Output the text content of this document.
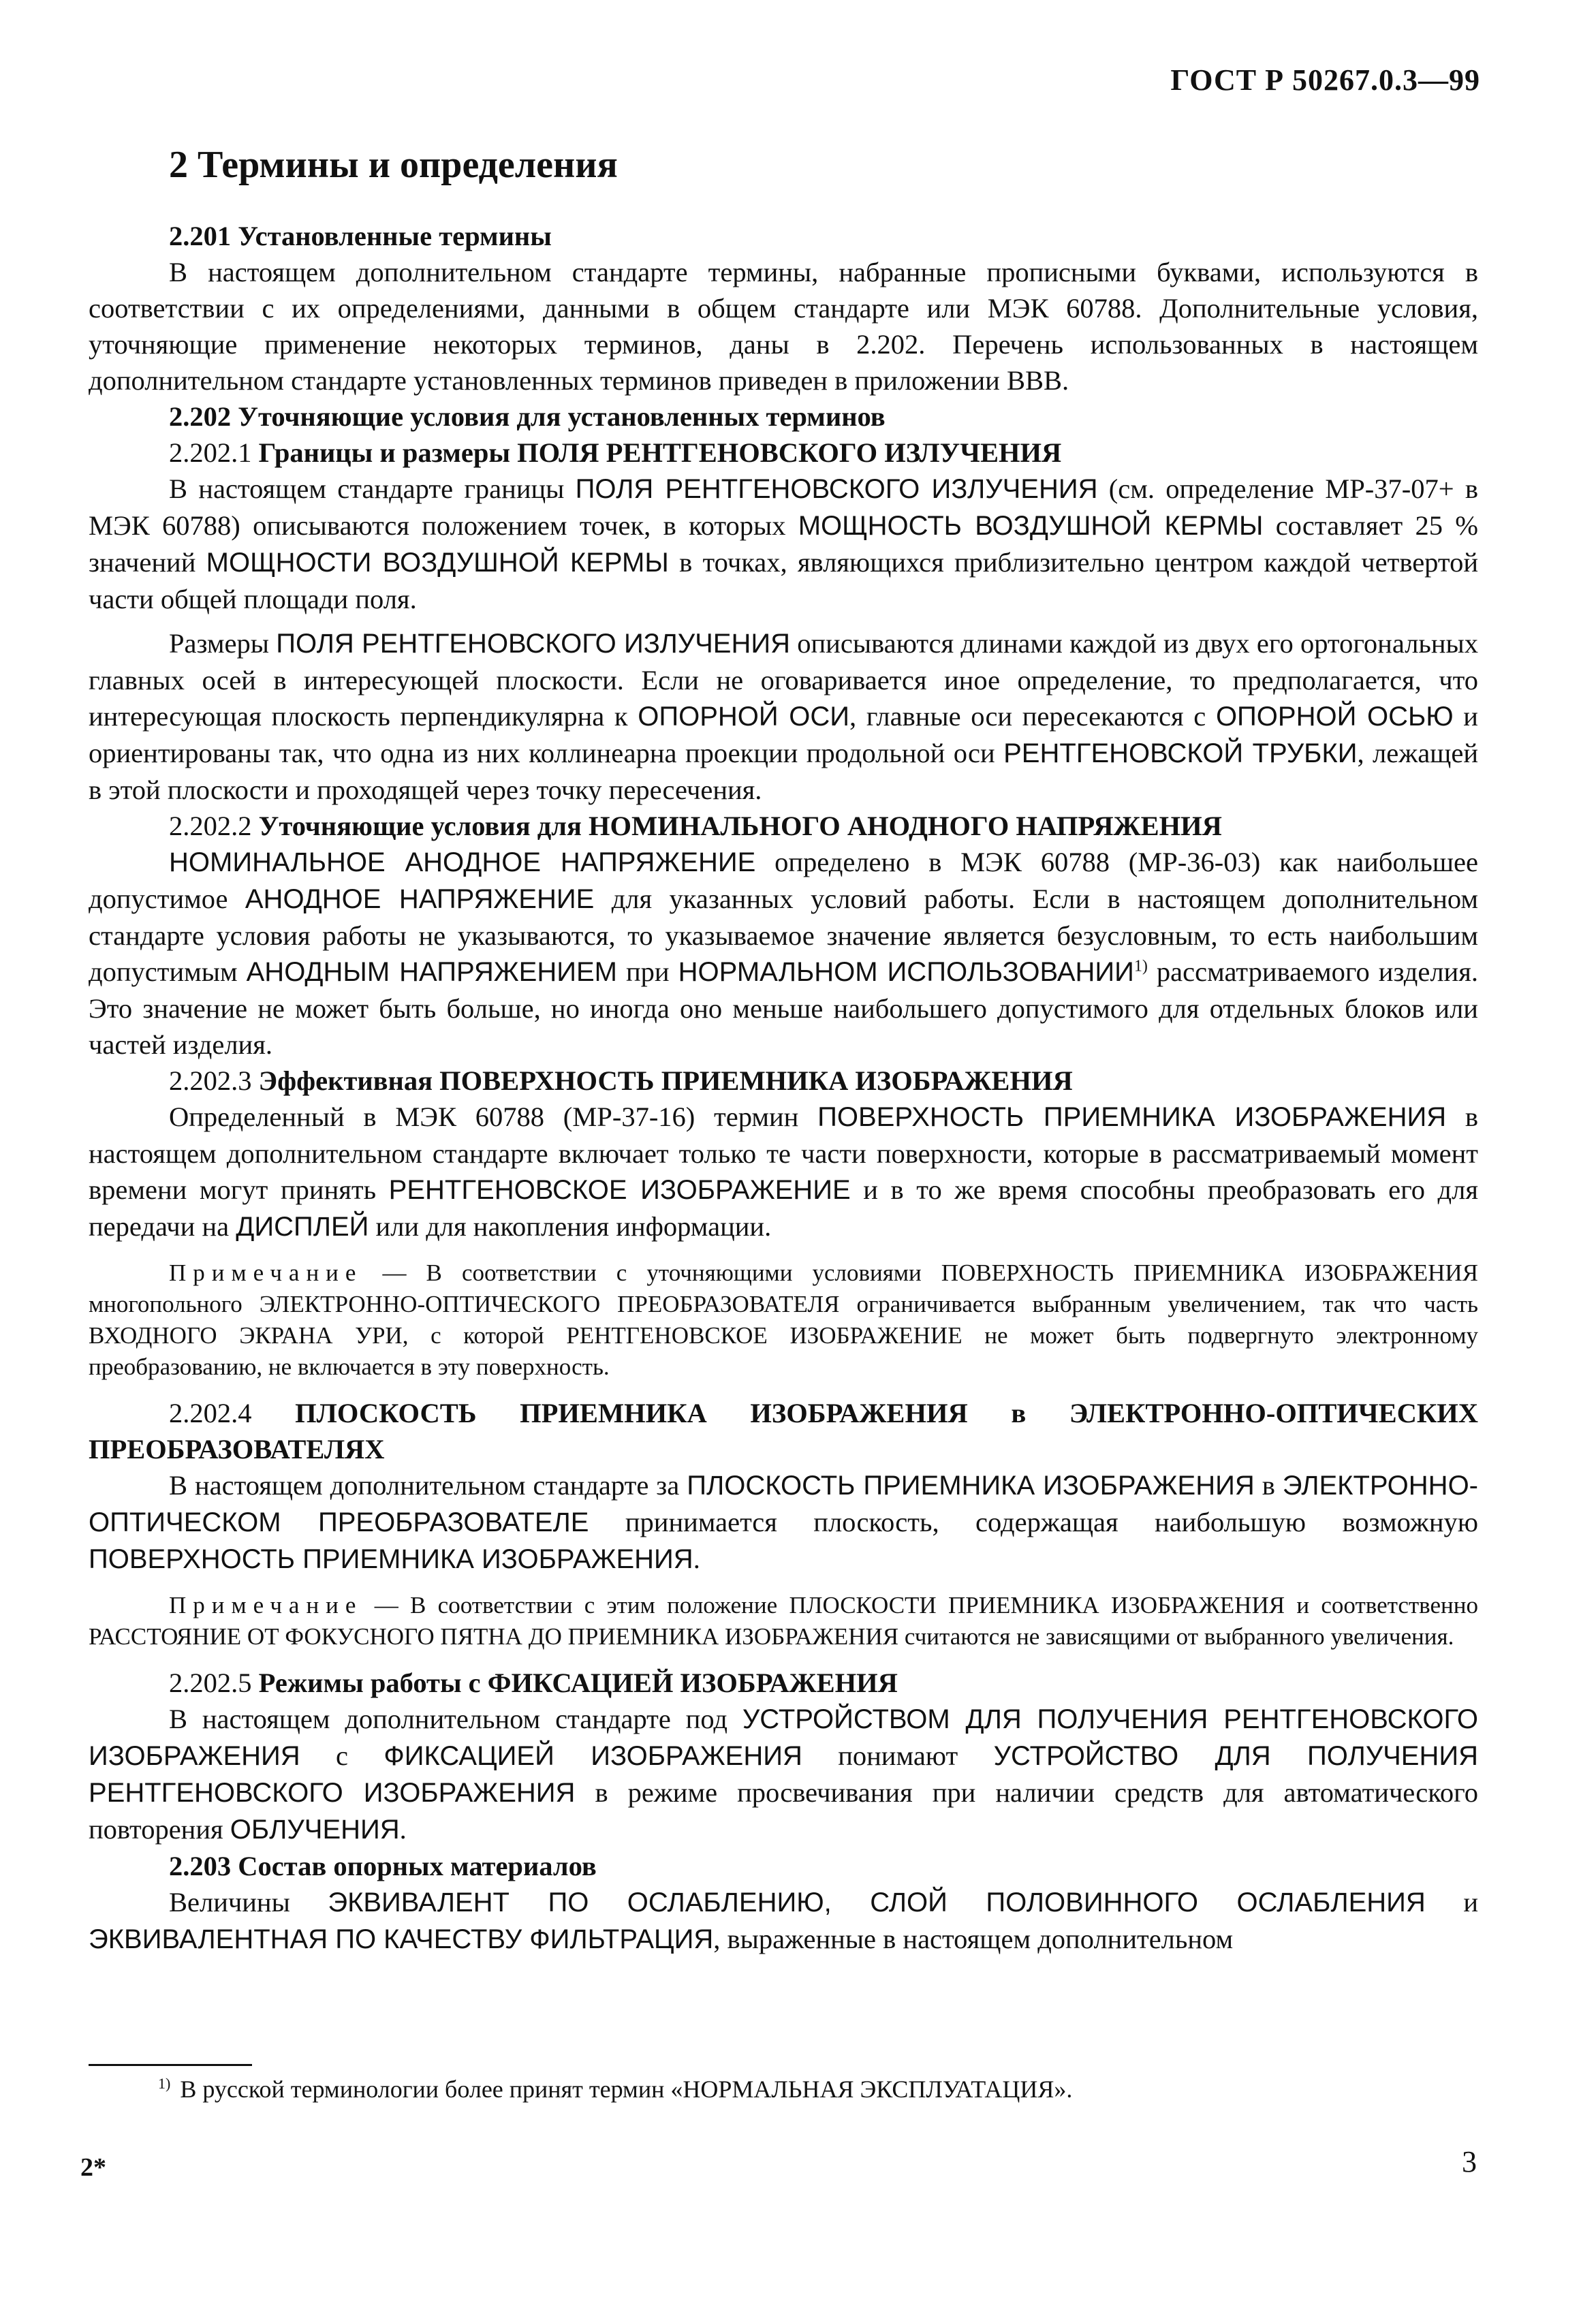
ГОСТ Р 50267.0.3—99
2 Термины и определения

2.201 Установленные термины

В настоящем дополнительном стандарте термины, набранные прописными буквами, используются в соответствии с их определениями, данными в общем стандарте или МЭК 60788. Дополнительные условия, уточняющие применение некоторых терминов, даны в 2.202. Перечень использованных в настоящем дополнительном стандарте установленных терминов приведен в приложении ВВВ.

2.202 Уточняющие условия для установленных терминов

2.202.1 Границы и размеры ПОЛЯ РЕНТГЕНОВСКОГО ИЗЛУЧЕНИЯ

В настоящем стандарте границы ПОЛЯ РЕНТГЕНОВСКОГО ИЗЛУЧЕНИЯ (см. определение МР-37-07+ в МЭК 60788) описываются положением точек, в которых МОЩНОСТЬ ВОЗДУШНОЙ КЕРМЫ составляет 25 % значений МОЩНОСТИ ВОЗДУШНОЙ КЕРМЫ в точках, являющихся приблизительно центром каждой четвертой части общей площади поля.

Размеры ПОЛЯ РЕНТГЕНОВСКОГО ИЗЛУЧЕНИЯ описываются длинами каждой из двух его ортогональных главных осей в интересующей плоскости. Если не оговаривается иное определение, то предполагается, что интересующая плоскость перпендикулярна к ОПОРНОЙ ОСИ, главные оси пересекаются с ОПОРНОЙ ОСЬЮ и ориентированы так, что одна из них коллинеарна проекции продольной оси РЕНТГЕНОВСКОЙ ТРУБКИ, лежащей в этой плоскости и проходящей через точку пересечения.

2.202.2 Уточняющие условия для НОМИНАЛЬНОГО АНОДНОГО НАПРЯЖЕНИЯ

НОМИНАЛЬНОЕ АНОДНОЕ НАПРЯЖЕНИЕ определено в МЭК 60788 (МР-36-03) как наибольшее допустимое АНОДНОЕ НАПРЯЖЕНИЕ для указанных условий работы. Если в настоящем дополнительном стандарте условия работы не указываются, то указываемое значение является безусловным, то есть наибольшим допустимым АНОДНЫМ НАПРЯЖЕНИЕМ при НОРМАЛЬНОМ ИСПОЛЬЗОВАНИИ$^{1)}$ рассматриваемого изделия. Это значение не может быть больше, но иногда оно меньше наибольшего допустимого для отдельных блоков или частей изделия.

2.202.3 Эффективная ПОВЕРХНОСТЬ ПРИЕМНИКА ИЗОБРАЖЕНИЯ

Определенный в МЭК 60788 (МР-37-16) термин ПОВЕРХНОСТЬ ПРИЕМНИКА ИЗОБРАЖЕНИЯ в настоящем дополнительном стандарте включает только те части поверхности, которые в рассматриваемый момент времени могут принять РЕНТГЕНОВСКОЕ ИЗОБРАЖЕНИЕ и в то же время способны преобразовать его для передачи на ДИСПЛЕЙ или для накопления информации.

Примечание — В соответствии с уточняющими условиями ПОВЕРХНОСТЬ ПРИЕМНИКА ИЗОБРАЖЕНИЯ многопольного ЭЛЕКТРОННО-ОПТИЧЕСКОГО ПРЕОБРАЗОВАТЕЛЯ ограничивается выбранным увеличением, так что часть ВХОДНОГО ЭКРАНА УРИ, с которой РЕНТГЕНОВСКОЕ ИЗОБРАЖЕНИЕ не может быть подвергнуто электронному преобразованию, не включается в эту поверхность.

2.202.4 ПЛОСКОСТЬ ПРИЕМНИКА ИЗОБРАЖЕНИЯ в ЭЛЕКТРОННО-ОПТИЧЕСКИХ ПРЕОБРАЗОВАТЕЛЯХ

В настоящем дополнительном стандарте за ПЛОСКОСТЬ ПРИЕМНИКА ИЗОБРАЖЕНИЯ в ЭЛЕКТРОННО-ОПТИЧЕСКОМ ПРЕОБРАЗОВАТЕЛЕ принимается плоскость, содержащая наибольшую возможную ПОВЕРХНОСТЬ ПРИЕМНИКА ИЗОБРАЖЕНИЯ.

Примечание — В соответствии с этим положение ПЛОСКОСТИ ПРИЕМНИКА ИЗОБРАЖЕНИЯ и соответственно РАССТОЯНИЕ ОТ ФОКУСНОГО ПЯТНА ДО ПРИЕМНИКА ИЗОБРАЖЕНИЯ считаются не зависящими от выбранного увеличения.

2.202.5 Режимы работы с ФИКСАЦИЕЙ ИЗОБРАЖЕНИЯ

В настоящем дополнительном стандарте под УСТРОЙСТВОМ ДЛЯ ПОЛУЧЕНИЯ РЕНТГЕНОВСКОГО ИЗОБРАЖЕНИЯ с ФИКСАЦИЕЙ ИЗОБРАЖЕНИЯ понимают УСТРОЙСТВО ДЛЯ ПОЛУЧЕНИЯ РЕНТГЕНОВСКОГО ИЗОБРАЖЕНИЯ в режиме просвечивания при наличии средств для автоматического повторения ОБЛУЧЕНИЯ.

2.203 Состав опорных материалов

Величины ЭКВИВАЛЕНТ ПО ОСЛАБЛЕНИЮ, СЛОЙ ПОЛОВИННОГО ОСЛАБЛЕНИЯ и ЭКВИВАЛЕНТНАЯ ПО КАЧЕСТВУ ФИЛЬТРАЦИЯ, выраженные в настоящем дополнительном

$^{1)}$ В русской терминологии более принят термин «НОРМАЛЬНАЯ ЭКСПЛУАТАЦИЯ».
2*	3
